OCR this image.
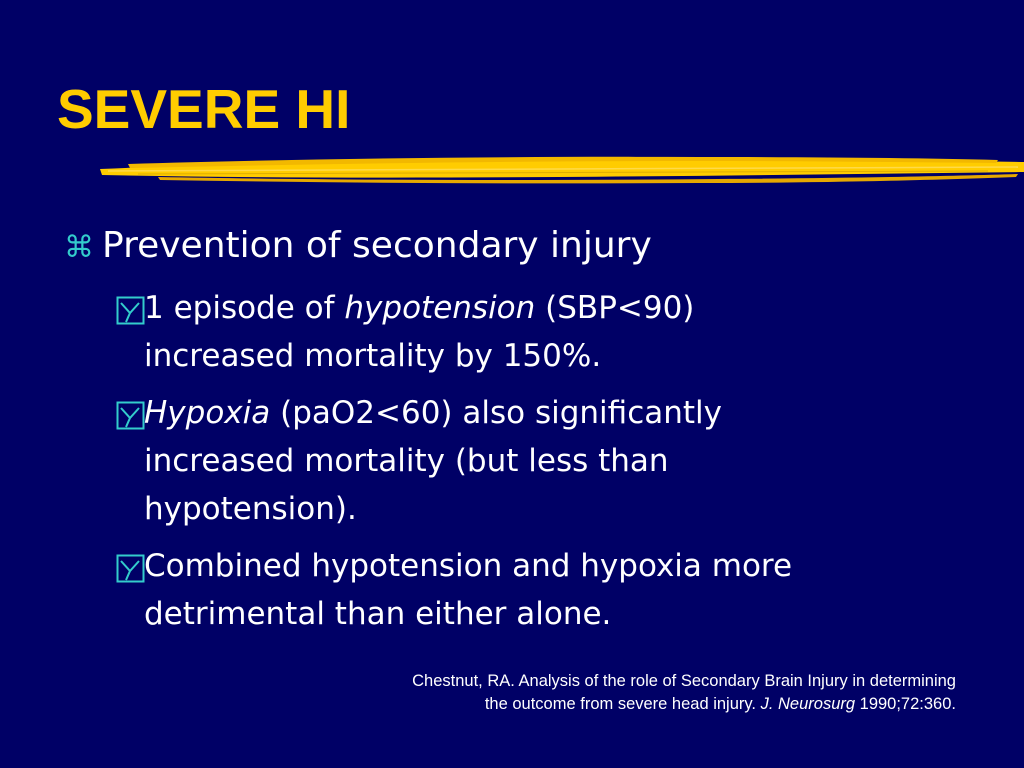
SEVERE HI
⌘ Prevention of secondary injury
1 episode of hypotension (SBP<90)
increased mortality by 150%.
Hypoxia (paO2<60) also significantly
increased mortality (but less than
hypotension).
Combined hypotension and hypoxia more
detrimental than either alone.
Chestnut, RA. Analysis of the role of Secondary Brain Injury in determining
the outcome from severe head injury. J. Neurosurg 1990;72:360.
